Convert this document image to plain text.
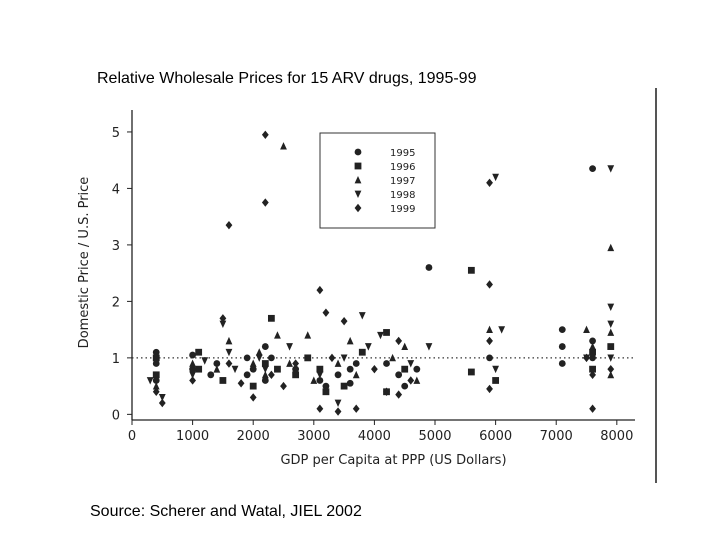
Relative Wholesale Prices for 15 ARV drugs, 1995-99
0	1000 2000 3000 4000 5000 6000 7000 8000
0
1
2
3
4
5
GDP per Capita at PPP (US Dollars)
Domestic Price / U.S. Price
1995
1996
1997
1998
1999
Source: Scherer and Watal, JIEL 2002
